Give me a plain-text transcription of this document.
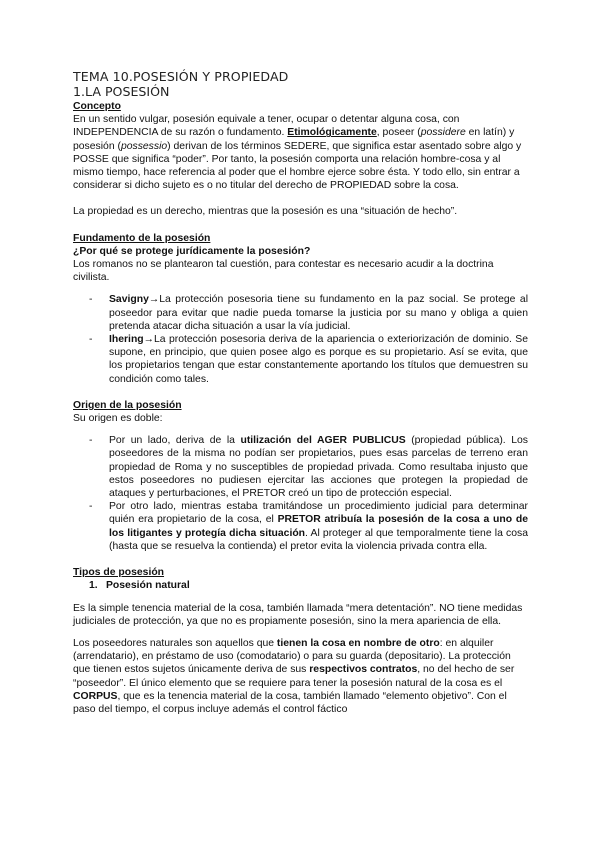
TEMA 10.POSESIÓN Y PROPIEDAD
1.LA POSESIÓN

Concepto

En un sentido vulgar, posesión equivale a tener, ocupar o detentar alguna cosa, con INDEPENDENCIA de su razón o fundamento. Etimológicamente, poseer (possidere en latín) y posesión (possessio) derivan de los términos SEDERE, que significa estar asentado sobre algo y POSSE que significa “poder”. Por tanto, la posesión comporta una relación hombre-cosa y al mismo tiempo, hace referencia al poder que el hombre ejerce sobre ésta. Y todo ello, sin entrar a considerar si dicho sujeto es o no titular del derecho de PROPIEDAD sobre la cosa.

La propiedad es un derecho, mientras que la posesión es una “situación de hecho”.

Fundamento de la posesión

¿Por qué se protege jurídicamente la posesión?

Los romanos no se plantearon tal cuestión, para contestar es necesario acudir a la doctrina civilista.

- Savigny→La protección posesoria tiene su fundamento en la paz social. Se protege al poseedor para evitar que nadie pueda tomarse la justicia por su mano y obliga a quien pretenda atacar dicha situación a usar la vía judicial.
- Ihering→La protección posesoria deriva de la apariencia o exteriorización de dominio. Se supone, en principio, que quien posee algo es porque es su propietario. Así se evita, que los propietarios tengan que estar constantemente aportando los títulos que demuestren su condición como tales.

Origen de la posesión

Su origen es doble:

- Por un lado, deriva de la utilización del AGER PUBLICUS (propiedad pública). Los poseedores de la misma no podían ser propietarios, pues esas parcelas de terreno eran propiedad de Roma y no susceptibles de propiedad privada. Como resultaba injusto que estos poseedores no pudiesen ejercitar las acciones que protegen la propiedad de ataques y perturbaciones, el PRETOR creó un tipo de protección especial.
- Por otro lado, mientras estaba tramitándose un procedimiento judicial para determinar quién era propietario de la cosa, el PRETOR atribuía la posesión de la cosa a uno de los litigantes y protegía dicha situación. Al proteger al que temporalmente tiene la cosa (hasta que se resuelva la contienda) el pretor evita la violencia privada contra ella.

Tipos de posesión

1. Posesión natural

Es la simple tenencia material de la cosa, también llamada “mera detentación”. NO tiene medidas judiciales de protección, ya que no es propiamente posesión, sino la mera apariencia de ella.

Los poseedores naturales son aquellos que tienen la cosa en nombre de otro: en alquiler (arrendatario), en préstamo de uso (comodatario) o para su guarda (depositario). La protección que tienen estos sujetos únicamente deriva de sus respectivos contratos, no del hecho de ser “poseedor”. El único elemento que se requiere para tener la posesión natural de la cosa es el CORPUS, que es la tenencia material de la cosa, también llamado “elemento objetivo”. Con el paso del tiempo, el corpus incluye además el control fáctico
